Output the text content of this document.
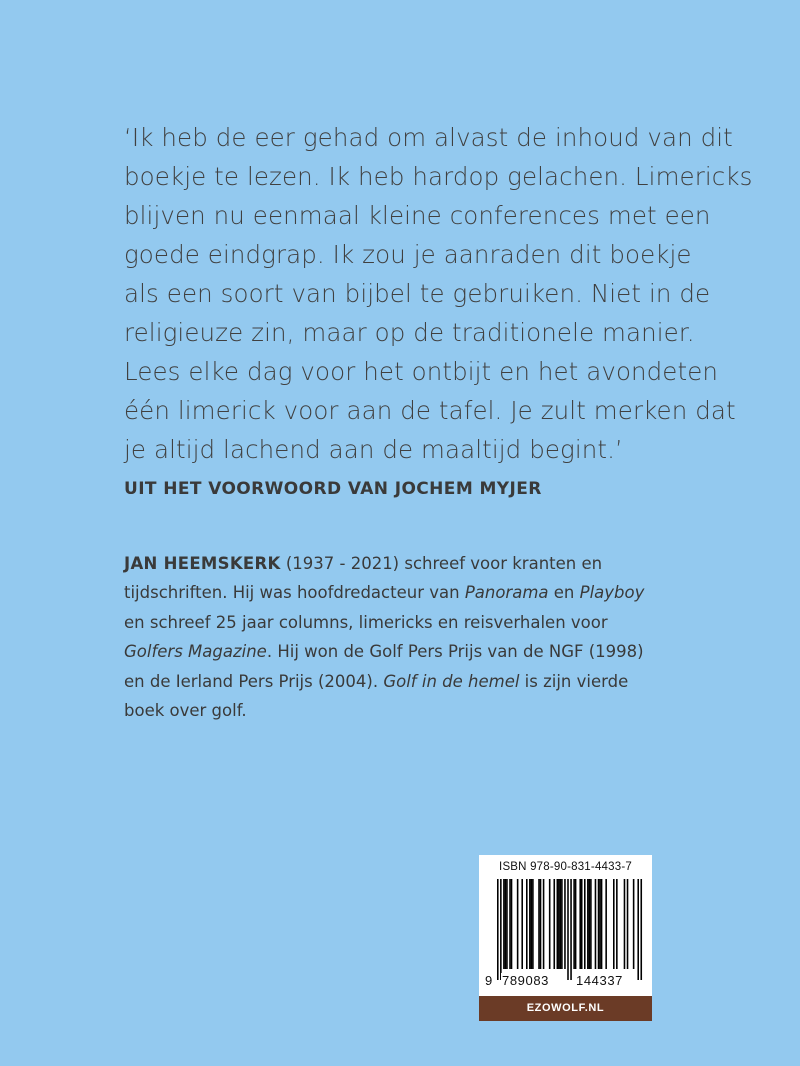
‘Ik heb de eer gehad om alvast de inhoud van dit
boekje te lezen. Ik heb hardop gelachen. Limericks
blijven nu eenmaal kleine conferences met een
goede eindgrap. Ik zou je aanraden dit boekje
als een soort van bijbel te gebruiken. Niet in de
religieuze zin, maar op de traditionele manier.
Lees elke dag voor het ontbijt en het avondeten
één limerick voor aan de tafel. Je zult merken dat
je altijd lachend aan de maaltijd begint.’
UIT HET VOORWOORD VAN JOCHEM MYJER
JAN HEEMSKERK (1937 - 2021) schreef voor kranten en
tijdschriften. Hij was hoofdredacteur van Panorama en Playboy
en schreef 25 jaar columns, limericks en reisverhalen voor
Golfers Magazine. Hij won de Golf Pers Prijs van de NGF (1998)
en de Ierland Pers Prijs (2004). Golf in de hemel is zijn vierde
boek over golf.
ISBN 978-90-831-4433-7
9 789083 144337
EZOWOLF.NL
